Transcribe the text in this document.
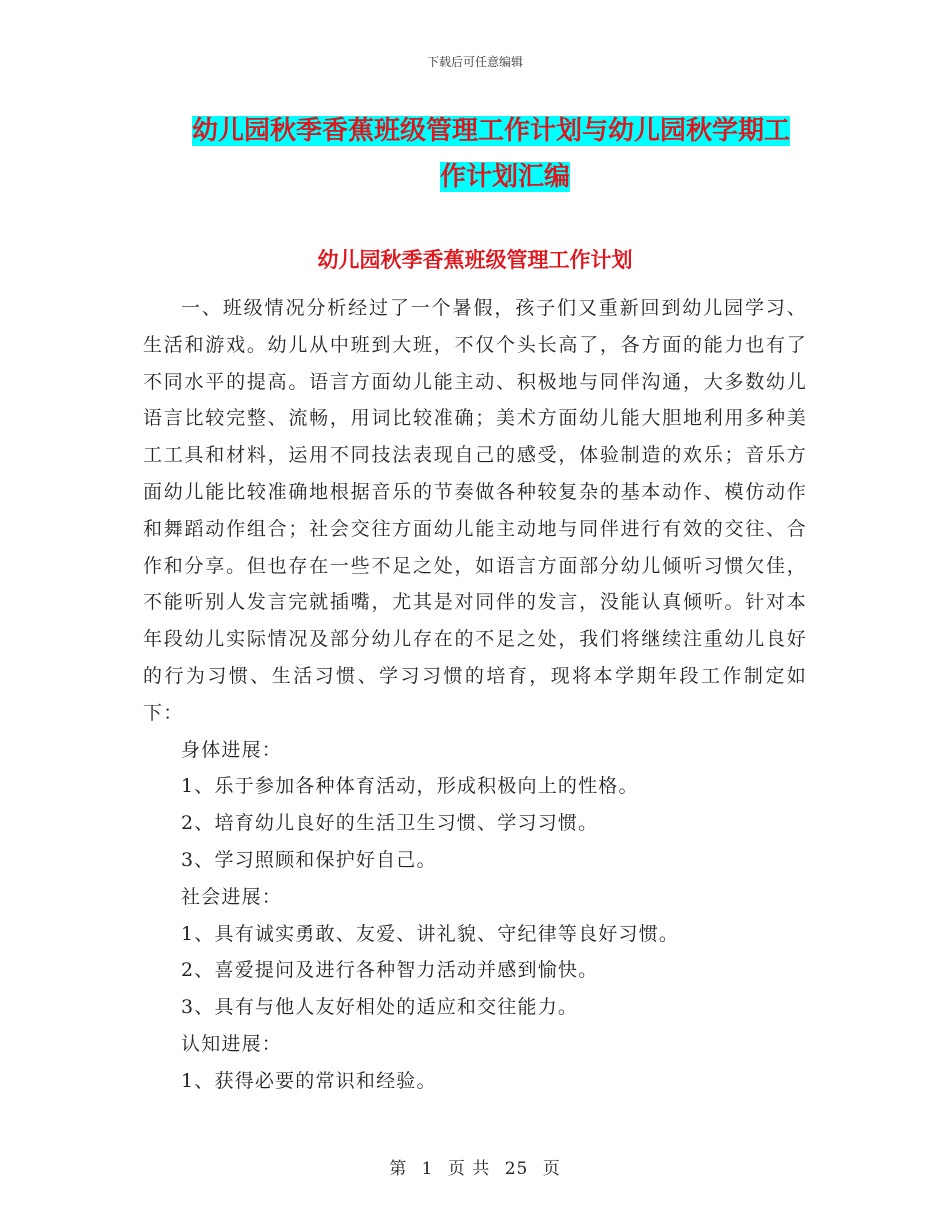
下载后可任意编辑
幼儿园秋季香蕉班级管理工作计划与幼儿园秋学期工
作计划汇编
幼儿园秋季香蕉班级管理工作计划

一、班级情况分析经过了一个暑假，孩子们又重新回到幼儿园学习、生活和游戏。幼儿从中班到大班，不仅个头长高了，各方面的能力也有了不同水平的提高。语言方面幼儿能主动、积极地与同伴沟通，大多数幼儿语言比较完整、流畅，用词比较准确；美术方面幼儿能大胆地利用多种美工工具和材料，运用不同技法表现自己的感受，体验制造的欢乐；音乐方面幼儿能比较准确地根据音乐的节奏做各种较复杂的基本动作、模仿动作和舞蹈动作组合；社会交往方面幼儿能主动地与同伴进行有效的交往、合作和分享。但也存在一些不足之处，如语言方面部分幼儿倾听习惯欠佳，不能听别人发言完就插嘴，尤其是对同伴的发言，没能认真倾听。针对本年段幼儿实际情况及部分幼儿存在的不足之处，我们将继续注重幼儿良好的行为习惯、生活习惯、学习习惯的培育，现将本学期年段工作制定如下：

身体进展：

1、乐于参加各种体育活动，形成积极向上的性格。

2、培育幼儿良好的生活卫生习惯、学习习惯。

3、学习照顾和保护好自己。

社会进展：

1、具有诚实勇敢、友爱、讲礼貌、守纪律等良好习惯。

2、喜爱提问及进行各种智力活动并感到愉快。

3、具有与他人友好相处的适应和交往能力。

认知进展：

1、获得必要的常识和经验。

第 1 页 共 25 页
